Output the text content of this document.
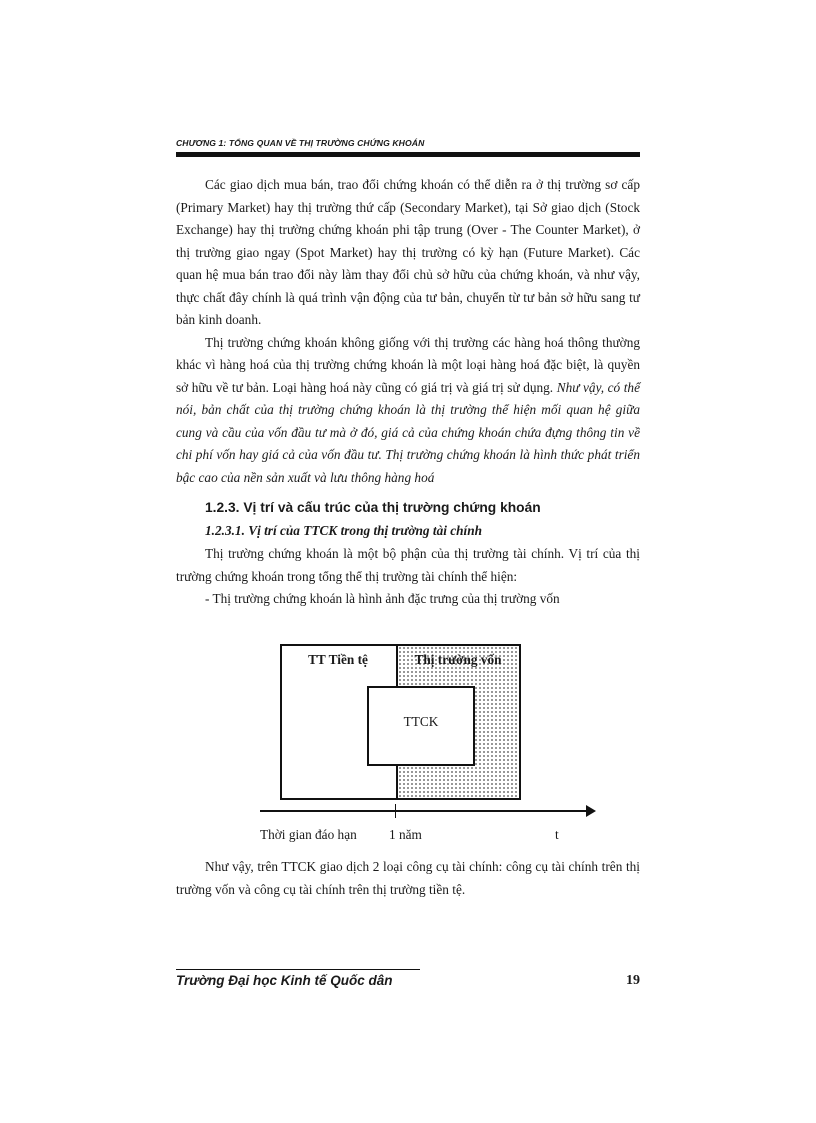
CHƯƠNG 1: TỔNG QUAN VỀ THỊ TRƯỜNG CHỨNG KHOÁN

Các giao dịch mua bán, trao đổi chứng khoán có thể diễn ra ở thị trường sơ cấp (Primary Market) hay thị trường thứ cấp (Secondary Market), tại Sở giao dịch (Stock Exchange) hay thị trường chứng khoán phi tập trung (Over - The Counter Market), ở thị trường giao ngay (Spot Market) hay thị trường có kỳ hạn (Future Market). Các quan hệ mua bán trao đổi này làm thay đổi chủ sở hữu của chứng khoán, và như vậy, thực chất đây chính là quá trình vận động của tư bản, chuyển từ tư bản sở hữu sang tư bản kinh doanh.

Thị trường chứng khoán không giống với thị trường các hàng hoá thông thường khác vì hàng hoá của thị trường chứng khoán là một loại hàng hoá đặc biệt, là quyền sở hữu về tư bản. Loại hàng hoá này cũng có giá trị và giá trị sử dụng. Như vậy, có thể nói, bản chất của thị trường chứng khoán là thị trường thể hiện mối quan hệ giữa cung và cầu của vốn đầu tư mà ở đó, giá cả của chứng khoán chứa đựng thông tin về chi phí vốn hay giá cả của vốn đầu tư. Thị trường chứng khoán là hình thức phát triển bậc cao của nền sản xuất và lưu thông hàng hoá

1.2.3. Vị trí và cấu trúc của thị trường chứng khoán
1.2.3.1. Vị trí của TTCK trong thị trường tài chính

Thị trường chứng khoán là một bộ phận của thị trường tài chính. Vị trí của thị trường chứng khoán trong tổng thể thị trường tài chính thể hiện:

- Thị trường chứng khoán là hình ảnh đặc trưng của thị trường vốn

TT Tiền tệ	Thị trường vốn
TTCK
Thời gian đáo hạn 1 năm	t

Như vậy, trên TTCK giao dịch 2 loại công cụ tài chính: công cụ tài chính trên thị trường vốn và công cụ tài chính trên thị trường tiền tệ.

Trường Đại học Kinh tế Quốc dân	19
